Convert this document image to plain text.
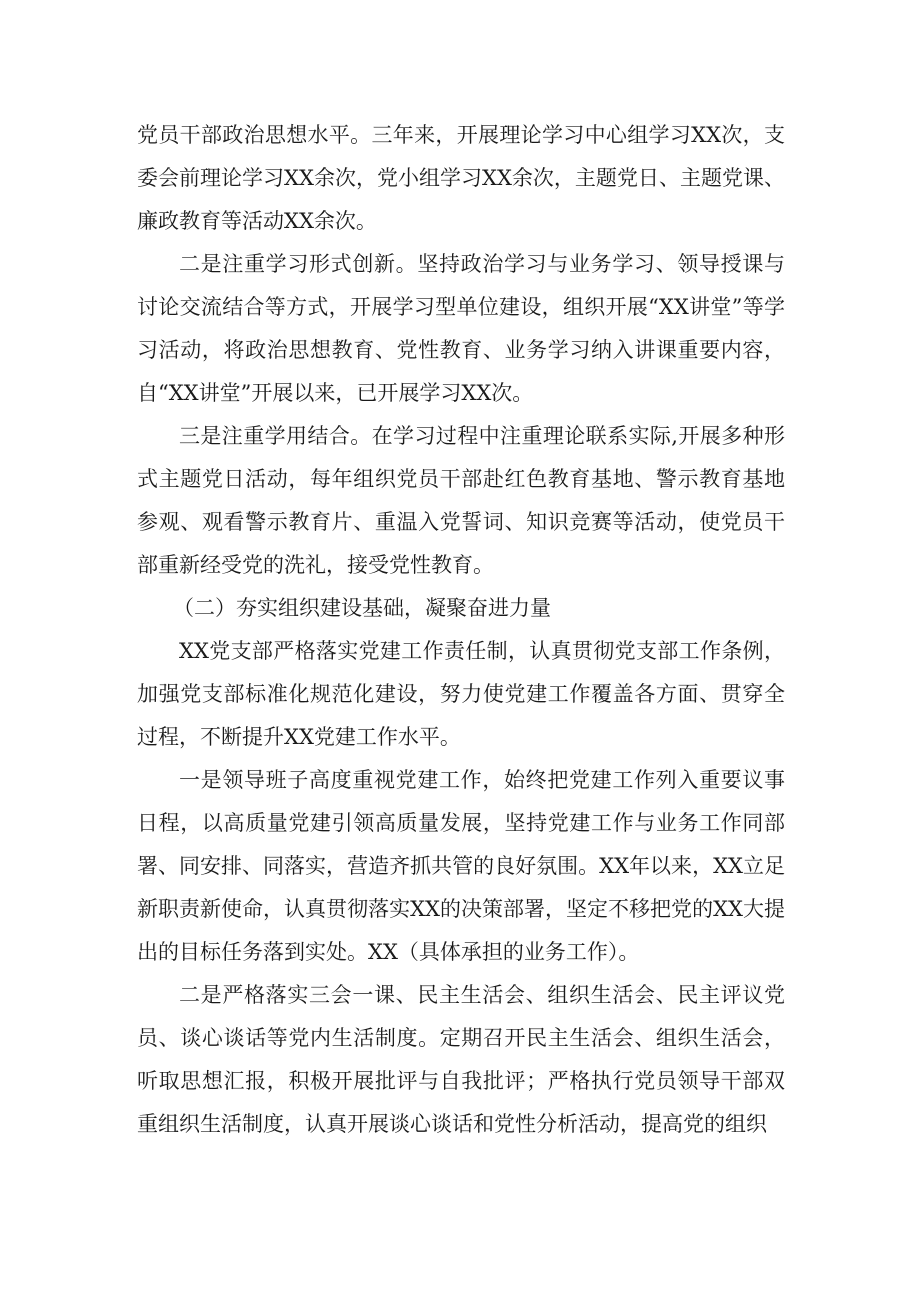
党员干部政治思想水平。三年来，开展理论学习中心组学习XX次，支委会前理论学习XX余次，党小组学习XX余次，主题党日、主题党课、廉政教育等活动XX余次。

二是注重学习形式创新。坚持政治学习与业务学习、领导授课与讨论交流结合等方式，开展学习型单位建设，组织开展“XX讲堂”等学习活动，将政治思想教育、党性教育、业务学习纳入讲课重要内容，自“XX讲堂”开展以来，已开展学习XX次。

三是注重学用结合。在学习过程中注重理论联系实际,开展多种形式主题党日活动，每年组织党员干部赴红色教育基地、警示教育基地参观、观看警示教育片、重温入党誓词、知识竞赛等活动，使党员干部重新经受党的洗礼，接受党性教育。

（二）夯实组织建设基础，凝聚奋进力量

XX党支部严格落实党建工作责任制，认真贯彻党支部工作条例，加强党支部标准化规范化建设，努力使党建工作覆盖各方面、贯穿全过程，不断提升XX党建工作水平。

一是领导班子高度重视党建工作，始终把党建工作列入重要议事日程，以高质量党建引领高质量发展，坚持党建工作与业务工作同部署、同安排、同落实，营造齐抓共管的良好氛围。XX年以来，XX立足新职责新使命，认真贯彻落实XX的决策部署，坚定不移把党的XX大提出的目标任务落到实处。XX（具体承担的业务工作）。

二是严格落实三会一课、民主生活会、组织生活会、民主评议党员、谈心谈话等党内生活制度。定期召开民主生活会、组织生活会，听取思想汇报，积极开展批评与自我批评；严格执行党员领导干部双重组织生活制度，认真开展谈心谈话和党性分析活动，提高党的组织
